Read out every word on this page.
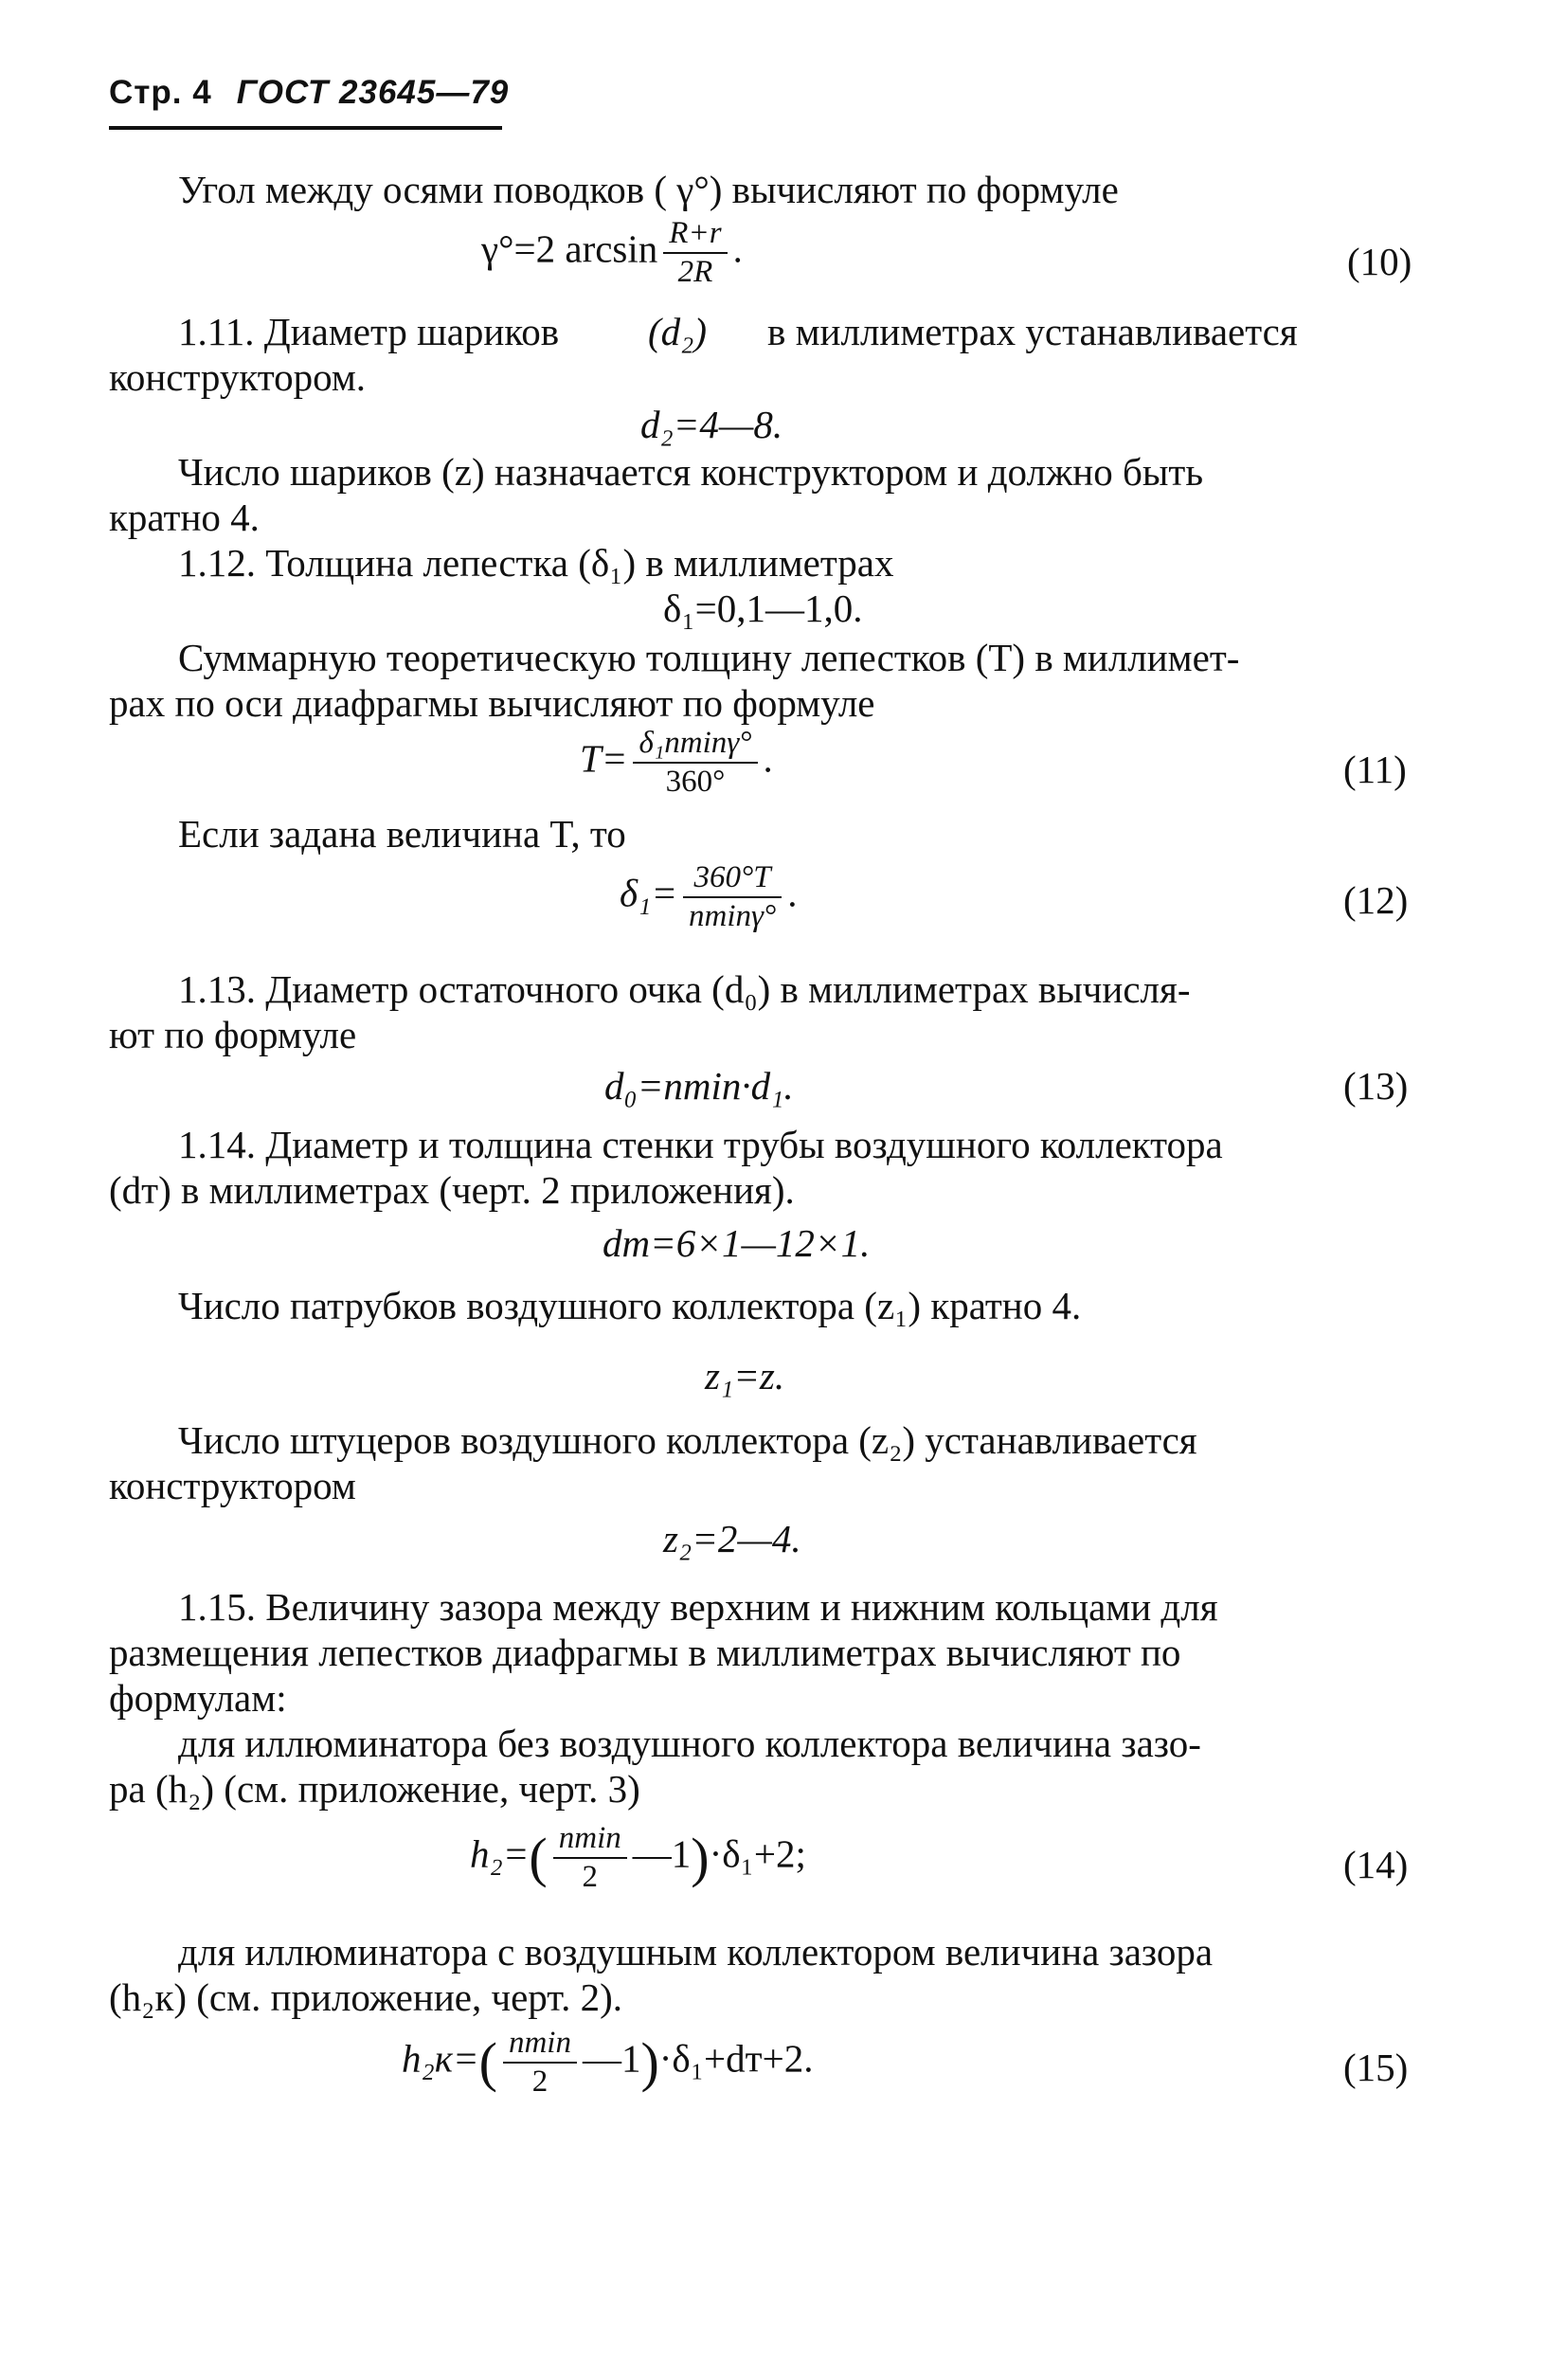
Стр. 4 ГОСТ 23645—79
Угол между осями поводков ( γ°) вычисляют по формуле
γ°=2 $\arcsin \frac{R+r}{2R}$ .	(10)
1.11. Диаметр шариков (d₂) в миллиметрах устанавливается
конструктором.
d₂=4—8.
Число шариков (z) назначается конструктором и должно быть
кратно 4.
1.12. Толщина лепестка (δ₁) в миллиметрах
δ₁=0,1—1,0.
Суммарную теоретическую толщину лепестков (T) в миллимет-
рах по оси диафрагмы вычисляют по формуле
$T= \frac{\text{δ₁nminγ°}}{360^\circ}$ .	(11)
Если задана величина T, то
$\delta_1= \frac{360^\circ T}{nmin\gamma^\circ}$ .	(12)
1.13. Диаметр остаточного очка (d₀) в миллиметрах вычисля-
ют по формуле
d₀=nmin·d₁.	(13)
1.14. Диаметр и толщина стенки трубы воздушного коллектора
(dт) в миллиметрах (черт. 2 приложения).
dт=6×1—12×1.
Число патрубков воздушного коллектора (z₁) кратно 4.
z₁=z.
Число штуцеров воздушного коллектора (z₂) устанавливается
конструктором
z₂=2—4.
1.15. Величину зазора между верхним и нижним кольцами для
размещения лепестков диафрагмы в миллиметрах вычисляют по
формулам:
для иллюминатора без воздушного коллектора величина зазо-
ра (h₂) (см. приложение, черт. 3)
$h_2=( \frac{nmin}{2}$ —1)·δ₁+2;	(14)
для иллюминатора с воздушным коллектором величина зазора
(h₂к) (см. приложение, черт. 2).
$h_2к=( \frac{nmin}{2}$ —1)·δ₁+dт+2.	(15)
